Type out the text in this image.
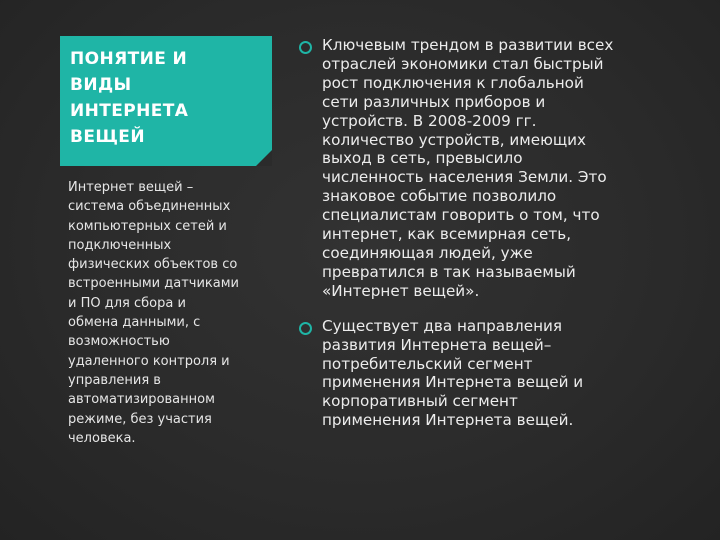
ПОНЯТИЕ И
ВИДЫ
ИНТЕРНЕТА
ВЕЩЕЙ
Интернет вещей –
система объединенных
компьютерных сетей и
подключенных
физических объектов со
встроенными датчиками
и ПО для сбора и
обмена данными, с
возможностью
удаленного контроля и
управления в
автоматизированном
режиме, без участия
человека.
Ключевым трендом в развитии всех
отраслей экономики стал быстрый
рост подключения к глобальной
сети различных приборов и
устройств. В 2008-2009 гг.
количество устройств, имеющих
выход в сеть, превысило
численность населения Земли. Это
знаковое событие позволило
специалистам говорить о том, что
интернет, как всемирная сеть,
соединяющая людей, уже
превратился в так называемый
«Интернет вещей».
Существует два направления
развития Интернета вещей–
потребительский сегмент
применения Интернета вещей и
корпоративный сегмент
применения Интернета вещей.
